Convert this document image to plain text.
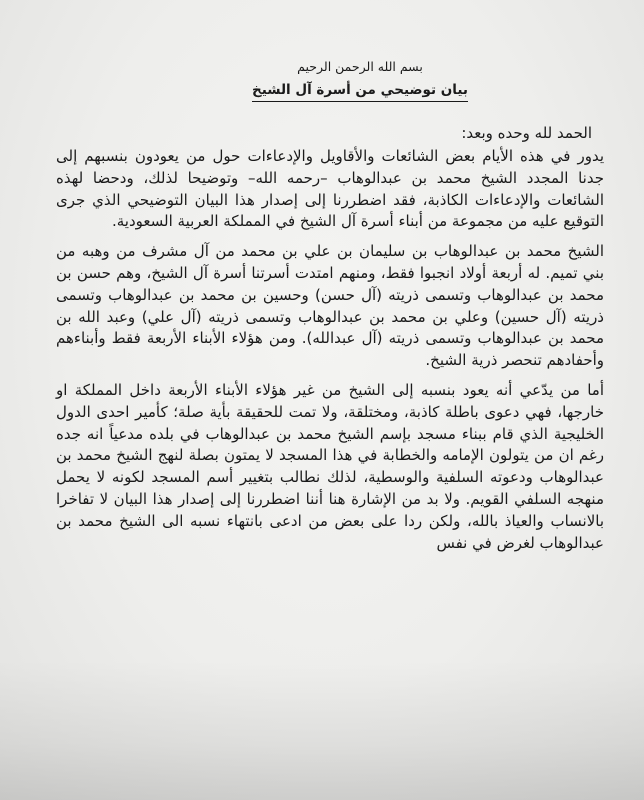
بسم الله الرحمن الرحيم

بيان توضيحي من أسرة آل الشيخ

الحمد لله وحده وبعد:

يدور في هذه الأيام بعض الشائعات والأقاويل والإدعاءات حول من يعودون بنسبهم إلى جدنا المجدد الشيخ محمد بن عبدالوهاب –رحمه الله– وتوضيحا لذلك، ودحضا لهذه الشائعات والإدعاءات الكاذبة، فقد اضطررنا إلى إصدار هذا البيان التوضيحي الذي جرى التوقيع عليه من مجموعة من أبناء أسرة آل الشيخ في المملكة العربية السعودية.

الشيخ محمد بن عبدالوهاب بن سليمان بن علي بن محمد من آل مشرف من وهبه من بني تميم. له أربعة أولاد انجبوا فقط، ومنهم امتدت أسرتنا أسرة آل الشيخ، وهم حسن بن محمد بن عبدالوهاب وتسمى ذريته (آل حسن) وحسين بن محمد بن عبدالوهاب وتسمى ذريته (آل حسين) وعلي بن محمد بن عبدالوهاب وتسمى ذريته (آل علي) وعبد الله بن محمد بن عبدالوهاب وتسمى ذريته (آل عبدالله). ومن هؤلاء الأبناء الأربعة فقط وأبناءهم وأحفادهم تنحصر ذرية الشيخ.

أما من يدّعي أنه يعود بنسبه إلى الشيخ من غير هؤلاء الأبناء الأربعة داخل المملكة او خارجها، فهي دعوى باطلة كاذبة، ومختلقة، ولا تمت للحقيقة بأية صلة؛ كأمير احدى الدول الخليجية الذي قام ببناء مسجد بإسم الشيخ محمد بن عبدالوهاب في بلده مدعياً انه جده رغم ان من يتولون الإمامه والخطابة في هذا المسجد لا يمتون بصلة لنهج الشيخ محمد بن عبدالوهاب ودعوته السلفية والوسطية، لذلك نطالب بتغيير أسم المسجد لكونه لا يحمل منهجه السلفي القويم. ولا بد من الإشارة هنا أننا اضطررنا إلى إصدار هذا البيان لا تفاخرا بالانساب والعياذ بالله، ولكن ردا على بعض من ادعى بانتهاء نسبه الى الشيخ محمد بن عبدالوهاب لغرض في نفس
